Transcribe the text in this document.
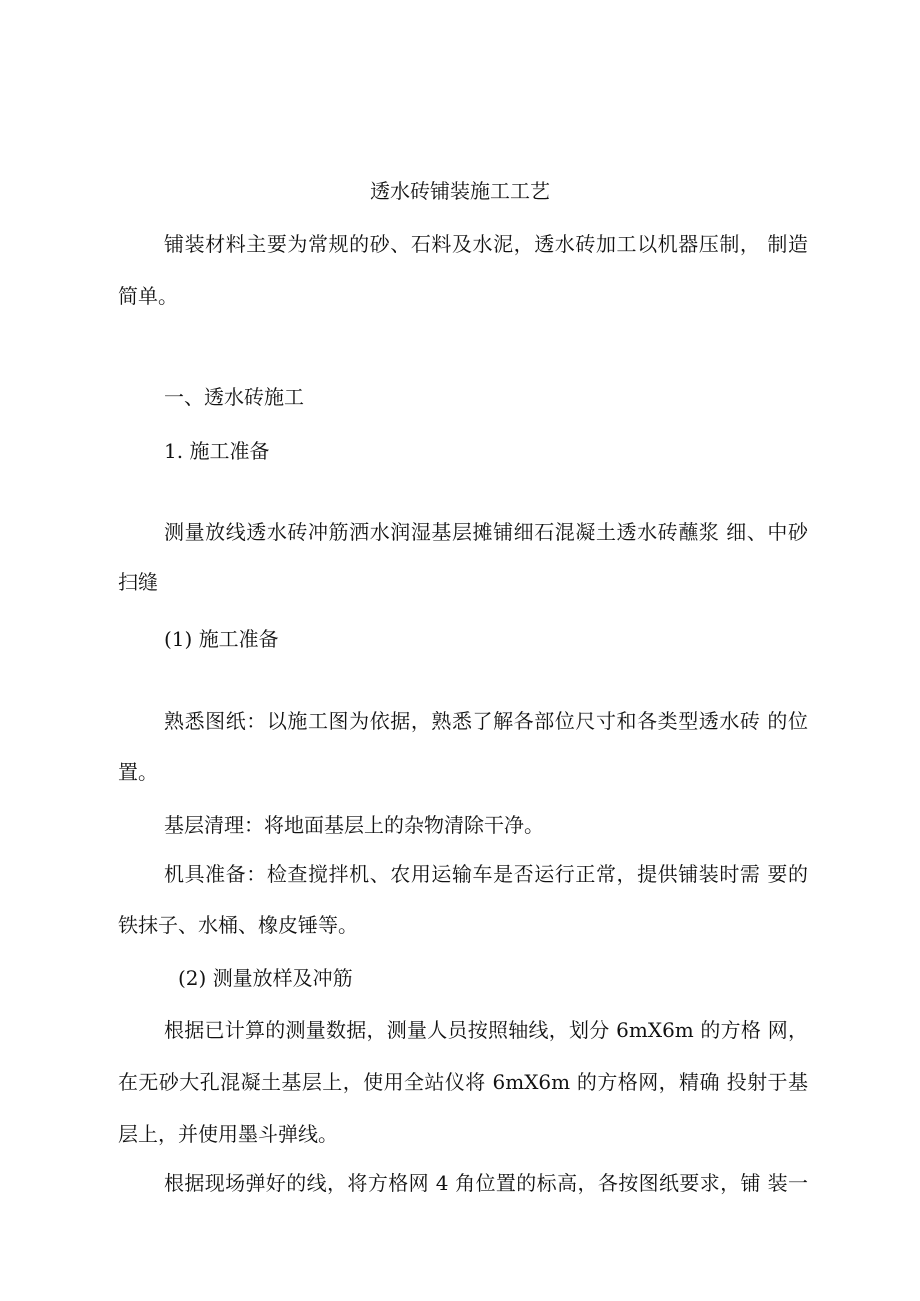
透水砖铺装施工工艺
铺装材料主要为常规的砂、石料及水泥，透水砖加工以机器压制， 制造
简单。
一、透水砖施工
1. 施工准备
测量放线透水砖冲筋洒水润湿基层摊铺细石混凝土透水砖蘸浆 细、中砂
扫缝
(1) 施工准备
熟悉图纸：以施工图为依据，熟悉了解各部位尺寸和各类型透水砖 的位
置。
基层清理：将地面基层上的杂物清除干净。
机具准备：检查搅拌机、农用运输车是否运行正常，提供铺装时需 要的
铁抹子、水桶、橡皮锤等。
(2) 测量放样及冲筋
根据已计算的测量数据，测量人员按照轴线，划分 6mX6m 的方格 网，
在无砂大孔混凝土基层上，使用全站仪将 6mX6m 的方格网，精确 投射于基
层上，并使用墨斗弹线。
根据现场弹好的线，将方格网 4 角位置的标高，各按图纸要求，铺 装一
